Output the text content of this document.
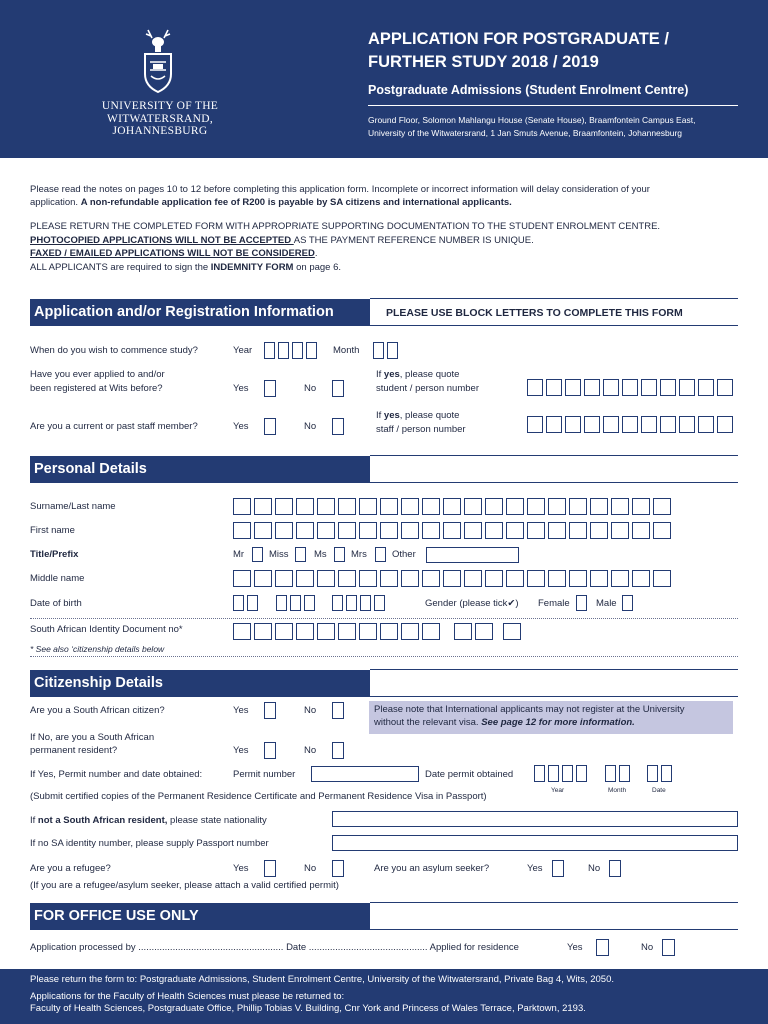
UNIVERSITY OF THE
WITWATERSRAND,
JOHANNESBURG
APPLICATION FOR POSTGRADUATE /
FURTHER STUDY 2018 / 2019
Postgraduate Admissions (Student Enrolment Centre)
Ground Floor, Solomon Mahlangu House (Senate House), Braamfontein Campus East,
University of the Witwatersrand, 1 Jan Smuts Avenue, Braamfontein, Johannesburg
Please read the notes on pages 10 to 12 before completing this application form. Incomplete or incorrect information will delay consideration of your
application. A non-refundable application fee of R200 is payable by SA citizens and international applicants.
PLEASE RETURN THE COMPLETED FORM WITH APPROPRIATE SUPPORTING DOCUMENTATION TO THE STUDENT ENROLMENT CENTRE.
PHOTOCOPIED APPLICATIONS WILL NOT BE ACCEPTED AS THE PAYMENT REFERENCE NUMBER IS UNIQUE.
FAXED / EMAILED APPLICATIONS WILL NOT BE CONSIDERED.
ALL APPLICANTS are required to sign the INDEMNITY FORM on page 6.
Application and/or Registration Information	PLEASE USE BLOCK LETTERS TO COMPLETE THIS FORM
When do you wish to commence study?	Year	Month
Have you ever applied to and/or
been registered at Wits before?	Yes	No
If yes, please quote
student / person number
Are you a current or past staff member?	Yes	No
If yes, please quote
staff / person number
Personal Details
Surname/Last name
First name
Title/Prefix	Mr	Miss	Ms	Mrs	Other
Middle name
Date of birth	Gender (please tick✔) Female	Male
South African Identity Document no*
* See also ‘citizenship details below
Citizenship Details
Are you a South African citizen?	Yes	No	Please note that International applicants may not register at the University
without the relevant visa. See page 12 for more information.
If No, are you a South African
permanent resident?	Yes	No
If Yes, Permit number and date obtained:	Permit number	Date permit obtained
Year	Month	Date
(Submit certified copies of the Permanent Residence Certificate and Permanent Residence Visa in Passport)
If not a South African resident, please state nationality
If no SA identity number, please supply Passport number
Are you a refugee?	Yes	No	Are you an asylum seeker?	Yes	No
(If you are a refugee/asylum seeker, please attach a valid certified permit)
FOR OFFICE USE ONLY
Application processed by ....................................................... Date ............................................. Applied for residence	Yes	No
Please return the form to: Postgraduate Admissions, Student Enrolment Centre, University of the Witwatersrand, Private Bag 4, Wits, 2050.
Applications for the Faculty of Health Sciences must please be returned to:
Faculty of Health Sciences, Postgraduate Office, Phillip Tobias V. Building, Cnr York and Princess of Wales Terrace, Parktown, 2193.
